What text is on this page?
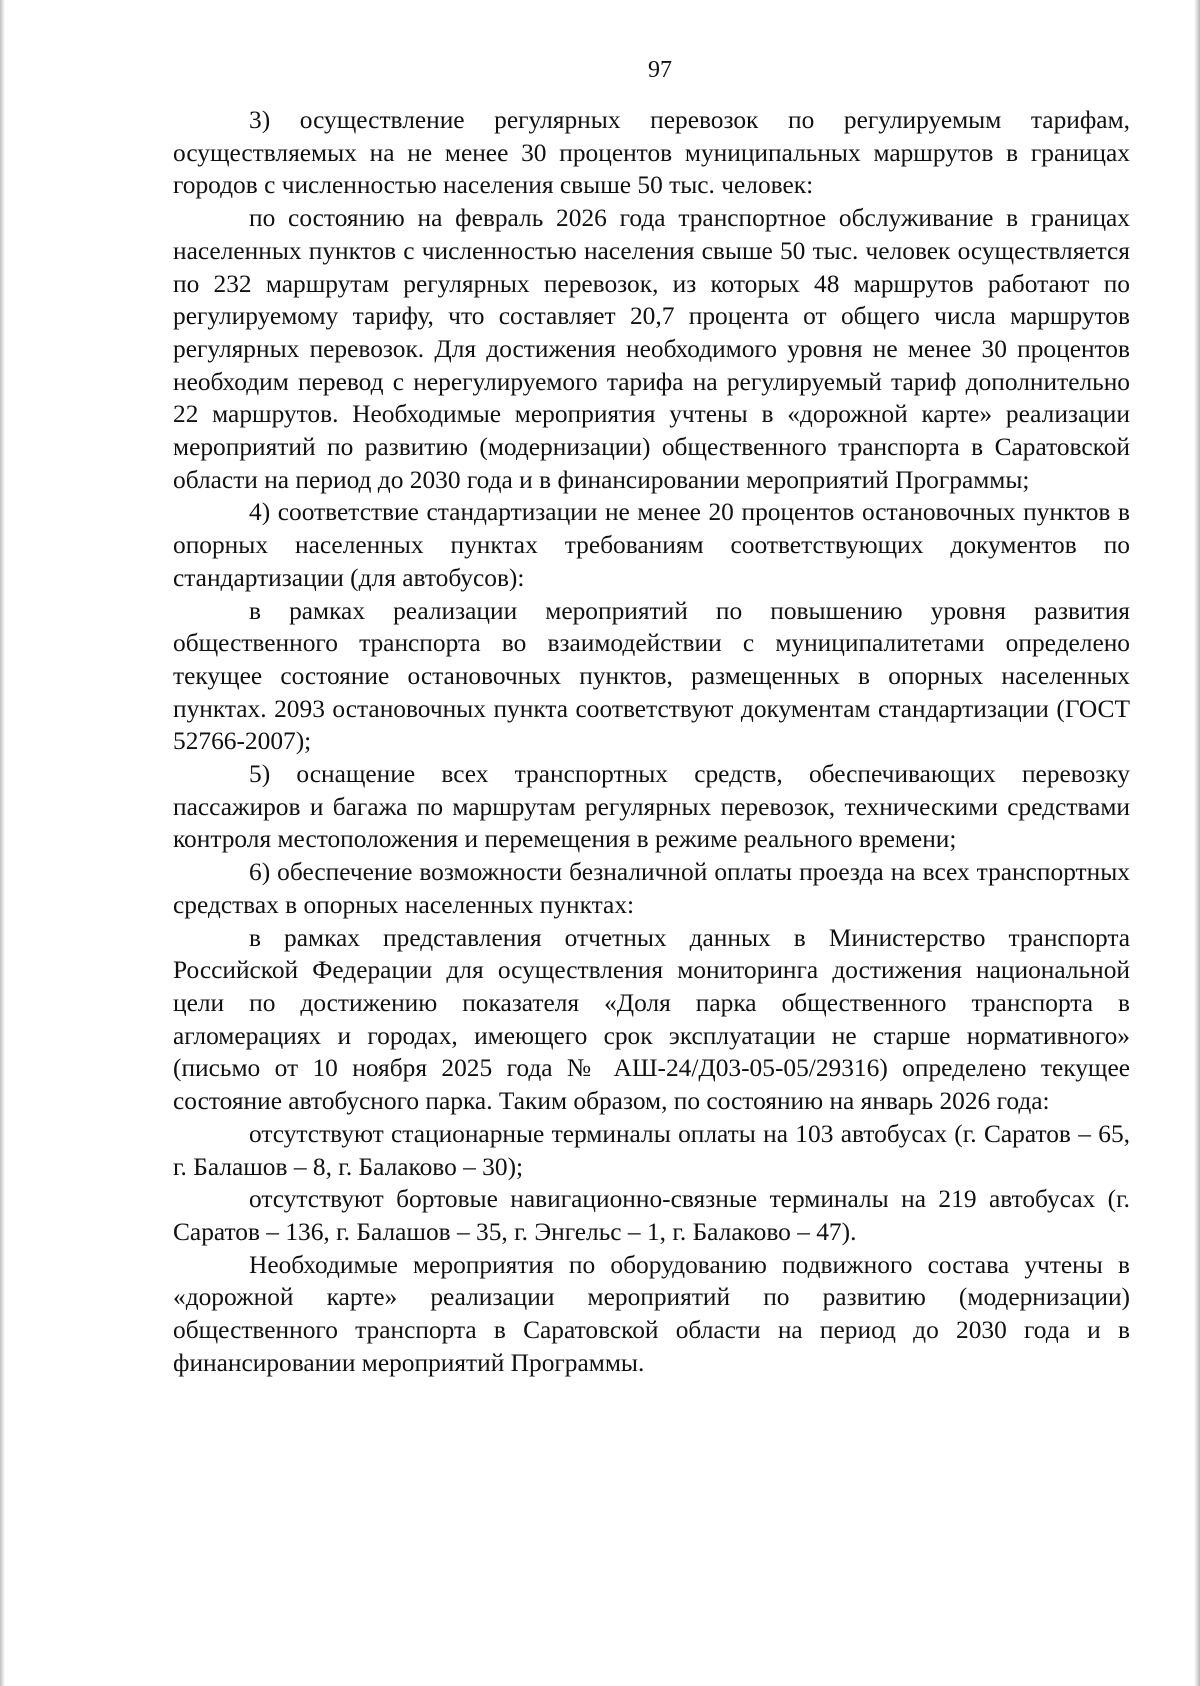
97

3) осуществление регулярных перевозок по регулируемым тарифам, осуществляемых на не менее 30 процентов муниципальных маршрутов в границах городов с численностью населения свыше 50 тыс. человек:

по состоянию на февраль 2026 года транспортное обслуживание в границах населенных пунктов с численностью населения свыше 50 тыс. человек осуществляется по 232 маршрутам регулярных перевозок, из которых 48 маршрутов работают по регулируемому тарифу, что составляет 20,7 процента от общего числа маршрутов регулярных перевозок. Для достижения необходимого уровня не менее 30 процентов необходим перевод с нерегулируемого тарифа на регулируемый тариф дополнительно 22 маршрутов. Необходимые мероприятия учтены в «дорожной карте» реализации мероприятий по развитию (модернизации) общественного транспорта в Саратовской области на период до 2030 года и в финансировании мероприятий Программы;

4) соответствие стандартизации не менее 20 процентов остановочных пунктов в опорных населенных пунктах требованиям соответствующих документов по стандартизации (для автобусов):

в рамках реализации мероприятий по повышению уровня развития общественного транспорта во взаимодействии с муниципалитетами определено текущее состояние остановочных пунктов, размещенных в опорных населенных пунктах. 2093 остановочных пункта соответствуют документам стандартизации (ГОСТ 52766-2007);

5) оснащение всех транспортных средств, обеспечивающих перевозку пассажиров и багажа по маршрутам регулярных перевозок, техническими средствами контроля местоположения и перемещения в режиме реального времени;

6) обеспечение возможности безналичной оплаты проезда на всех транспортных средствах в опорных населенных пунктах:

в рамках представления отчетных данных в Министерство транспорта Российской Федерации для осуществления мониторинга достижения национальной цели по достижению показателя «Доля парка общественного транспорта в агломерациях и городах, имеющего срок эксплуатации не старше нормативного» (письмо от 10 ноября 2025 года № АШ-24/Д03-05-05/29316) определено текущее состояние автобусного парка. Таким образом, по состоянию на январь 2026 года:

отсутствуют стационарные терминалы оплаты на 103 автобусах (г. Саратов – 65, г. Балашов – 8, г. Балаково – 30);

отсутствуют бортовые навигационно-связные терминалы на 219 автобусах (г. Саратов – 136, г. Балашов – 35, г. Энгельс – 1, г. Балаково – 47).

Необходимые мероприятия по оборудованию подвижного состава учтены в «дорожной карте» реализации мероприятий по развитию (модернизации) общественного транспорта в Саратовской области на период до 2030 года и в финансировании мероприятий Программы.
